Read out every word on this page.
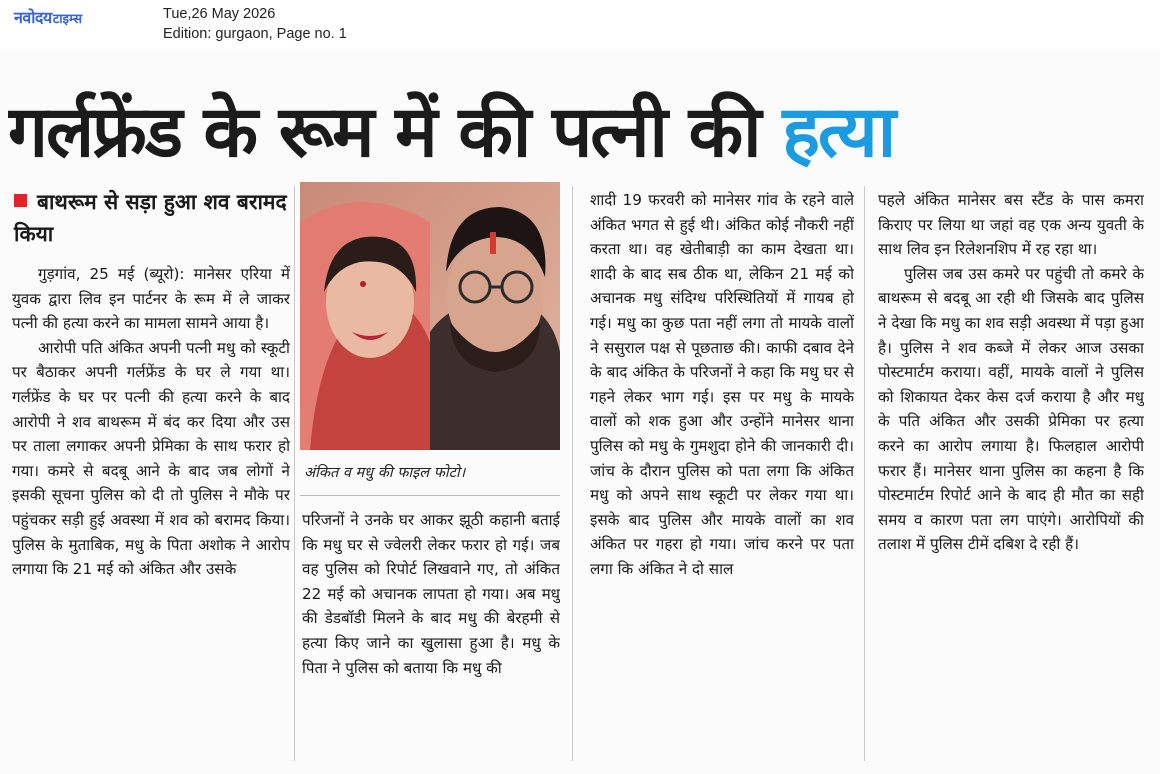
नवोदय टाइम्स	Tue,26 May 2026
Edition: gurgaon, Page no. 1
गर्लफ्रेंड के रूम में की पत्नी की हत्या
बाथरूम से सड़ा हुआ शव बरामद किया

गुड़गांव, 25 मई (ब्यूरो): मानेसर एरिया में युवक द्वारा लिव इन पार्टनर के रूम में ले जाकर पत्नी की हत्या करने का मामला सामने आया है।

आरोपी पति अंकित अपनी पत्नी मधु को स्कूटी पर बैठाकर अपनी गर्लफ्रेंड के घर ले गया था। गर्लफ्रेंड के घर पर पत्नी की हत्या करने के बाद आरोपी ने शव बाथरूम में बंद कर दिया और उस पर ताला लगाकर अपनी प्रेमिका के साथ फरार हो गया। कमरे से बदबू आने के बाद जब लोगों ने इसकी सूचना पुलिस को दी तो पुलिस ने मौके पर पहुंचकर सड़ी हुई अवस्था में शव को बरामद किया। पुलिस के मुताबिक, मधु के पिता अशोक ने आरोप लगाया कि 21 मई को अंकित और उसके

अंकित व मधु की फाइल फोटो।

परिजनों ने उनके घर आकर झूठी कहानी बताई कि मधु घर से ज्वेलरी लेकर फरार हो गई। जब वह पुलिस को रिपोर्ट लिखवाने गए, तो अंकित 22 मई को अचानक लापता हो गया। अब मधु की डेडबॉडी मिलने के बाद मधु की बेरहमी से हत्या किए जाने का खुलासा हुआ है। मधु के पिता ने पुलिस को बताया कि मधु की

शादी 19 फरवरी को मानेसर गांव के रहने वाले अंकित भगत से हुई थी। अंकित कोई नौकरी नहीं करता था। वह खेतीबाड़ी का काम देखता था। शादी के बाद सब ठीक था, लेकिन 21 मई को अचानक मधु संदिग्ध परिस्थितियों में गायब हो गई। मधु का कुछ पता नहीं लगा तो मायके वालों ने ससुराल पक्ष से पूछताछ की। काफी दबाव देने के बाद अंकित के परिजनों ने कहा कि मधु घर से गहने लेकर भाग गई। इस पर मधु के मायके वालों को शक हुआ और उन्होंने मानेसर थाना पुलिस को मधु के गुमशुदा होने की जानकारी दी। जांच के दौरान पुलिस को पता लगा कि अंकित मधु को अपने साथ स्कूटी पर लेकर गया था। इसके बाद पुलिस और मायके वालों का शव अंकित पर गहरा हो गया। जांच करने पर पता लगा कि अंकित ने दो साल

पहले अंकित मानेसर बस स्टैंड के पास कमरा किराए पर लिया था जहां वह एक अन्य युवती के साथ लिव इन रिलेशनशिप में रह रहा था।

पुलिस जब उस कमरे पर पहुंची तो कमरे के बाथरूम से बदबू आ रही थी जिसके बाद पुलिस ने देखा कि मधु का शव सड़ी अवस्था में पड़ा हुआ है। पुलिस ने शव कब्जे में लेकर आज उसका पोस्टमार्टम कराया। वहीं, मायके वालों ने पुलिस को शिकायत देकर केस दर्ज कराया है और मधु के पति अंकित और उसकी प्रेमिका पर हत्या करने का आरोप लगाया है। फिलहाल आरोपी फरार हैं। मानेसर थाना पुलिस का कहना है कि पोस्टमार्टम रिपोर्ट आने के बाद ही मौत का सही समय व कारण पता लग पाएंगे। आरोपियों की तलाश में पुलिस टीमें दबिश दे रही हैं।
